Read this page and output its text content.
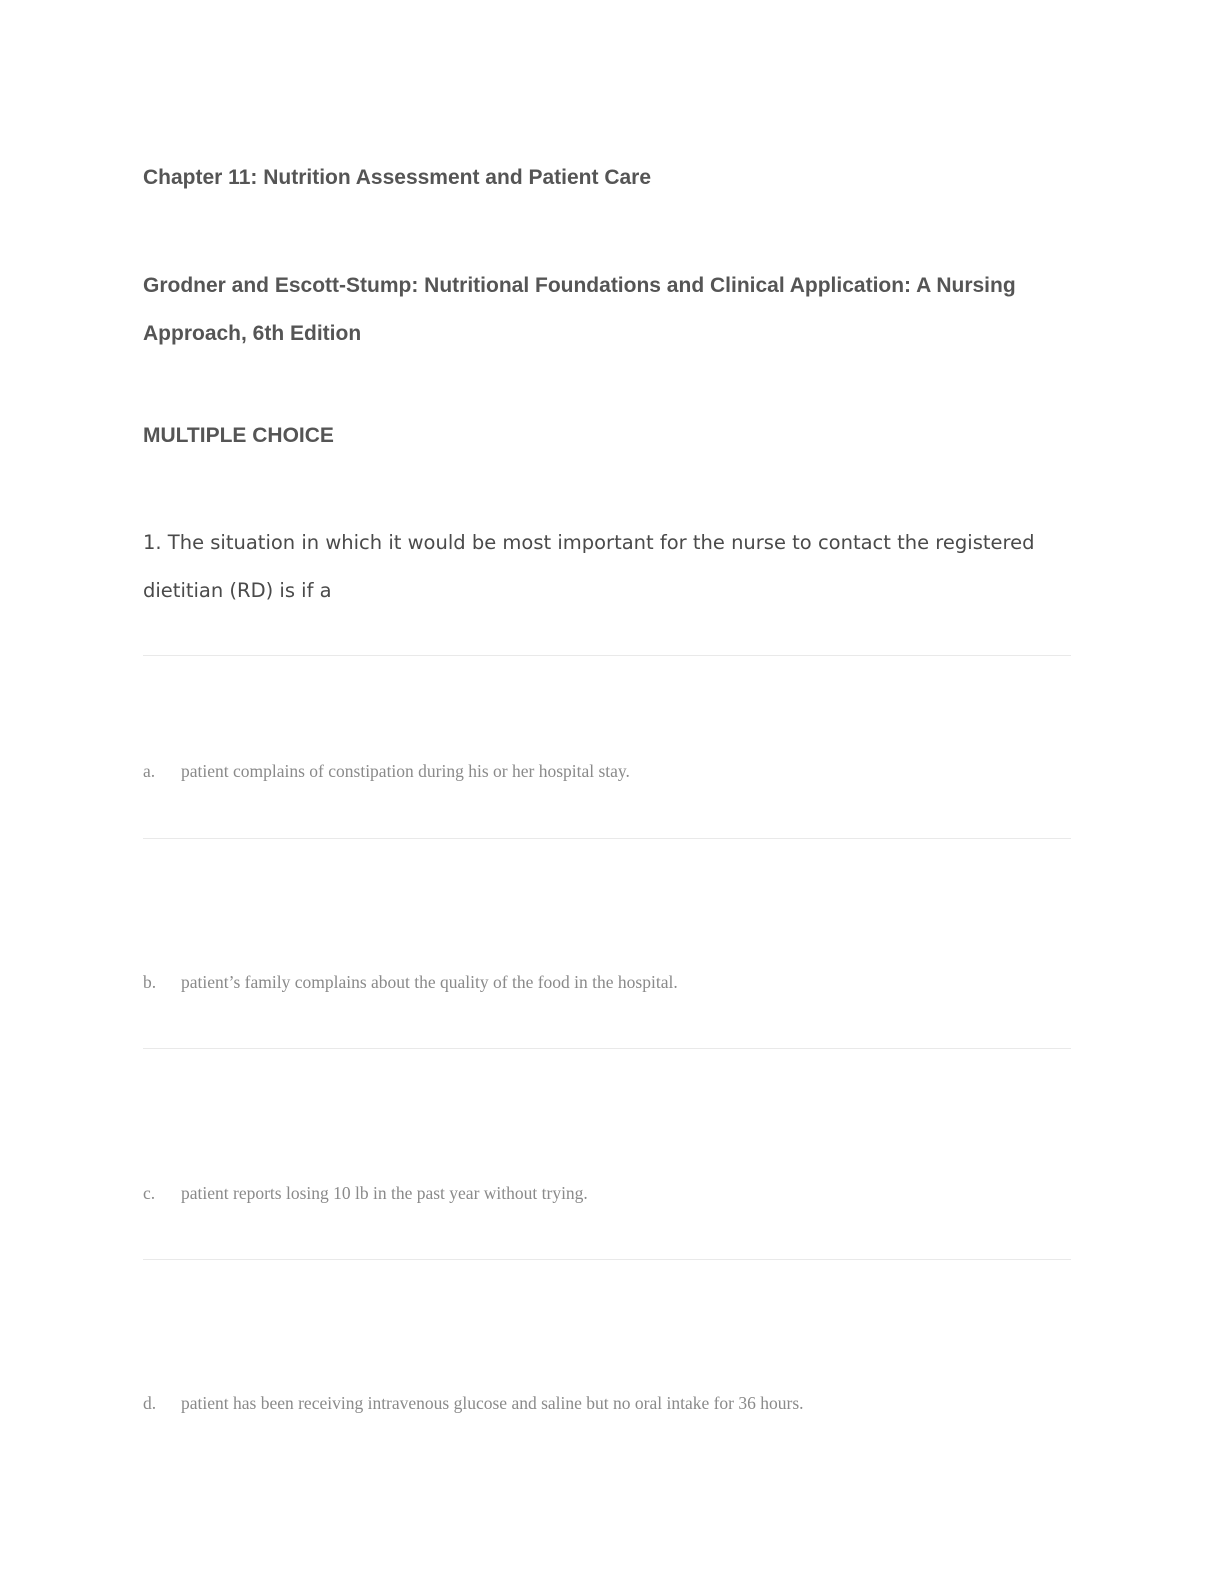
Chapter 11: Nutrition Assessment and Patient Care
Grodner and Escott-Stump: Nutritional Foundations and Clinical Application: A Nursing Approach, 6th Edition
MULTIPLE CHOICE

1. The situation in which it would be most important for the nurse to contact the registered dietitian (RD) is if a

a. patient complains of constipation during his or her hospital stay.
b. patient’s family complains about the quality of the food in the hospital.
c. patient reports losing 10 lb in the past year without trying.
d. patient has been receiving intravenous glucose and saline but no oral intake for 36 hours.
